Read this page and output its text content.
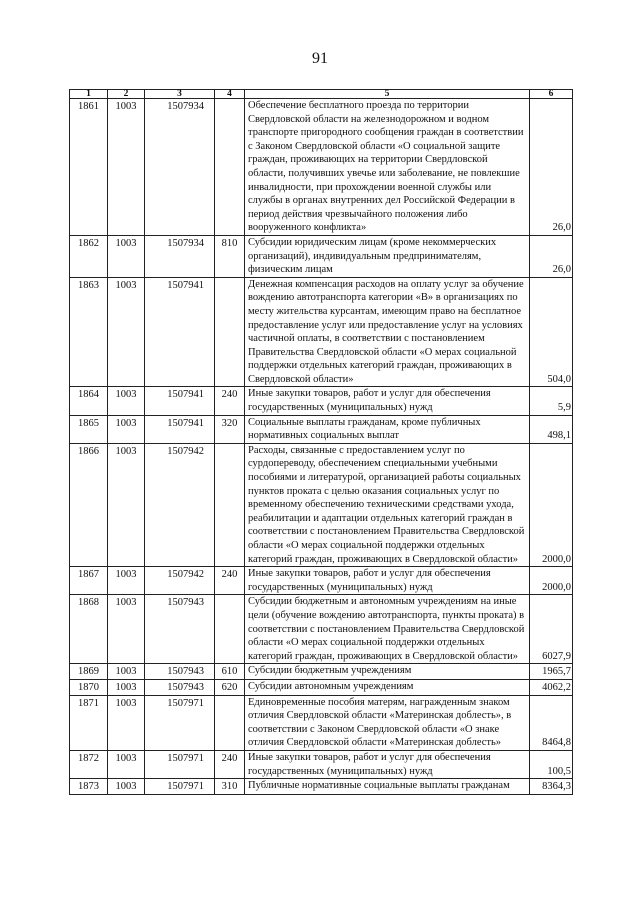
91
1	2	3	4	5	6
1861	1003	1507934		Обеспечение бесплатного проезда по территории Свердловской области на железнодорожном и водном транспорте пригородного сообщения граждан в соответствии с Законом Свердловской области «О социальной защите граждан, проживающих на территории Свердловской области, получивших увечье или заболевание, не повлекшие инвалидности, при прохождении военной службы или службы в органах внутренних дел Российской Федерации в период действия чрезвычайного положения либо вооруженного конфликта»	26,0
1862	1003	1507934	810	Субсидии юридическим лицам (кроме некоммерческих организаций), индивидуальным предпринимателям, физическим лицам	26,0
1863	1003	1507941		Денежная компенсация расходов на оплату услуг за обучение вождению автотранспорта категории «В» в организациях по месту жительства курсантам, имеющим право на бесплатное предоставление услуг или предоставление услуг на условиях частичной оплаты, в соответствии с постановлением Правительства Свердловской области «О мерах социальной поддержки отдельных категорий граждан, проживающих в Свердловской области»	504,0
1864	1003	1507941	240	Иные закупки товаров, работ и услуг для обеспечения государственных (муниципальных) нужд	5,9
1865	1003	1507941	320	Социальные выплаты гражданам, кроме публичных нормативных социальных выплат	498,1
1866	1003	1507942		Расходы, связанные с предоставлением услуг по сурдопереводу, обеспечением специальными учебными пособиями и литературой, организацией работы социальных пунктов проката с целью оказания социальных услуг по временному обеспечению техническими средствами ухода, реабилитации и адаптации отдельных категорий граждан в соответствии с постановлением Правительства Свердловской области «О мерах социальной поддержки отдельных категорий граждан, проживающих в Свердловской области»	2000,0
1867	1003	1507942	240	Иные закупки товаров, работ и услуг для обеспечения государственных (муниципальных) нужд	2000,0
1868	1003	1507943		Субсидии бюджетным и автономным учреждениям на иные цели (обучение вождению автотранспорта, пункты проката) в соответствии с постановлением Правительства Свердловской области «О мерах социальной поддержки отдельных категорий граждан, проживающих в Свердловской области»	6027,9
1869	1003	1507943	610	Субсидии бюджетным учреждениям	1965,7
1870	1003	1507943	620	Субсидии автономным учреждениям	4062,2
1871	1003	1507971		Единовременные пособия матерям, награжденным знаком отличия Свердловской области «Материнская доблесть», в соответствии с Законом Свердловской области «О знаке отличия Свердловской области «Материнская доблесть»	8464,8
1872	1003	1507971	240	Иные закупки товаров, работ и услуг для обеспечения государственных (муниципальных) нужд	100,5
1873	1003	1507971	310	Публичные нормативные социальные выплаты гражданам	8364,3
